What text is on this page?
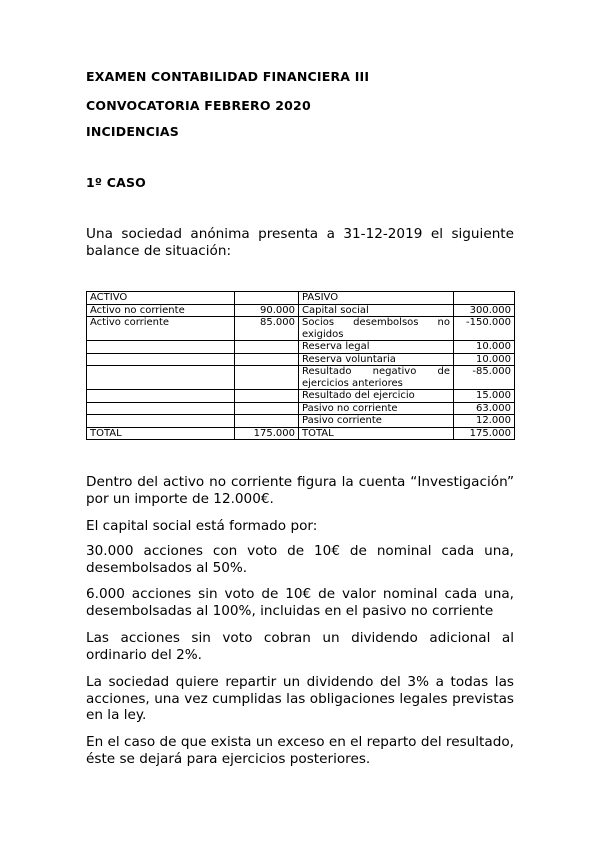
EXAMEN CONTABILIDAD FINANCIERA III
CONVOCATORIA FEBRERO 2020
INCIDENCIAS
1º CASO

Una sociedad anónima presenta a 31-12-2019 el siguiente balance de situación:

ACTIVO		PASIVO	
Activo no corriente	90.000	Capital social	300.000
Activo corriente	85.000	Socios desembolsos no exigidos	-150.000
		Reserva legal	10.000
		Reserva voluntaria	10.000
		Resultado negativo de ejercicios anteriores	-85.000
		Resultado del ejercicio	15.000
		Pasivo no corriente	63.000
		Pasivo corriente	12.000
TOTAL	175.000	TOTAL	175.000

Dentro del activo no corriente figura la cuenta “Investigación” por un importe de 12.000€.

El capital social está formado por:

30.000 acciones con voto de 10€ de nominal cada una, desembolsados al 50%.

6.000 acciones sin voto de 10€ de valor nominal cada una, desembolsadas al 100%, incluidas en el pasivo no corriente

Las acciones sin voto cobran un dividendo adicional al ordinario del 2%.

La sociedad quiere repartir un dividendo del 3% a todas las acciones, una vez cumplidas las obligaciones legales previstas en la ley.

En el caso de que exista un exceso en el reparto del resultado, éste se dejará para ejercicios posteriores.
